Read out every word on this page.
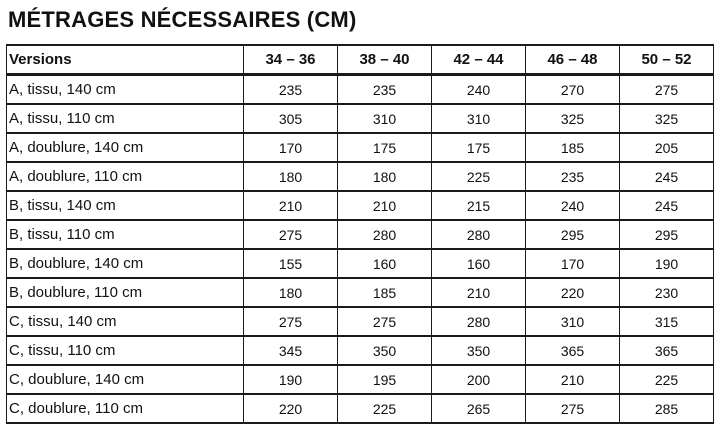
MÉTRAGES NÉCESSAIRES (CM)
Versions	34 – 36	38 – 40	42 – 44	46 – 48	50 – 52
A, tissu, 140 cm	235	235	240	270	275
A, tissu, 110 cm	305	310	310	325	325
A, doublure, 140 cm	170	175	175	185	205
A, doublure, 110 cm	180	180	225	235	245
B, tissu, 140 cm	210	210	215	240	245
B, tissu, 110 cm	275	280	280	295	295
B, doublure, 140 cm	155	160	160	170	190
B, doublure, 110 cm	180	185	210	220	230
C, tissu, 140 cm	275	275	280	310	315
C, tissu, 110 cm	345	350	350	365	365
C, doublure, 140 cm	190	195	200	210	225
C, doublure, 110 cm	220	225	265	275	285
